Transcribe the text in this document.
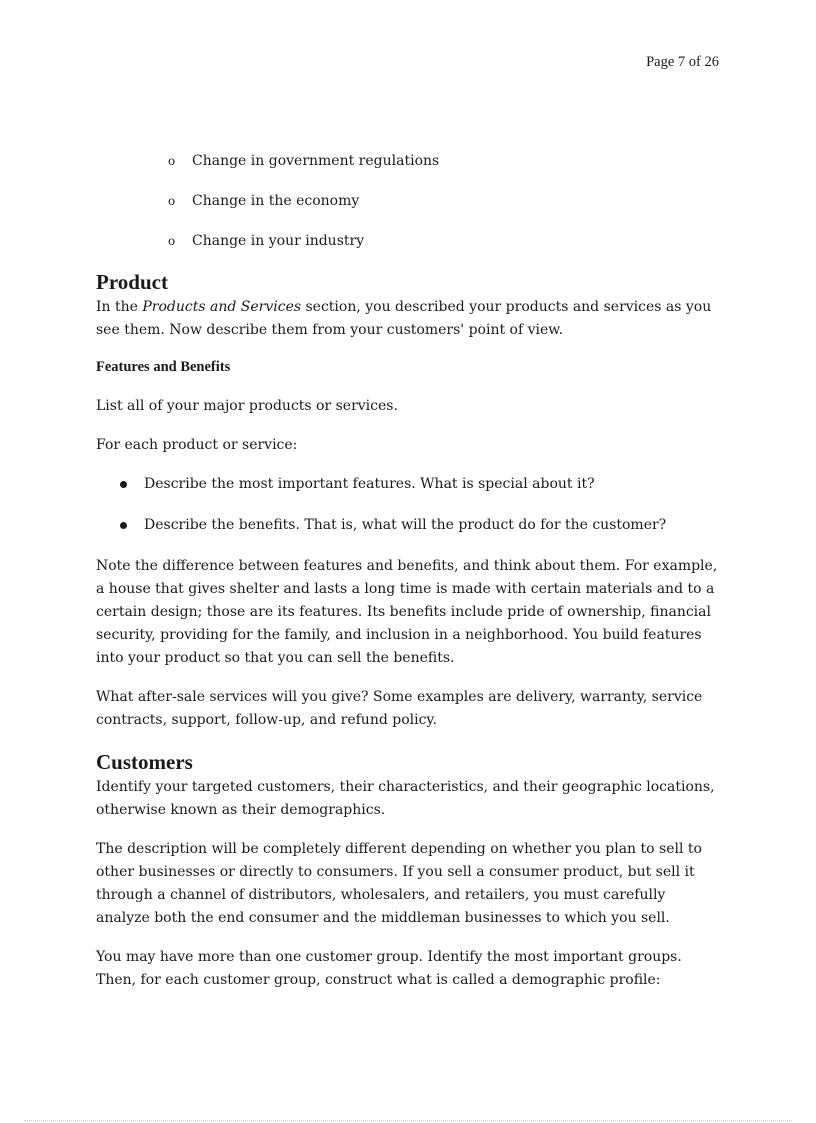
Page 7 of 26
o Change in government regulations
o Change in the economy
o Change in your industry
Product

In the Products and Services section, you described your products and services as you see them. Now describe them from your customers' point of view.

Features and Benefits

List all of your major products or services.

For each product or service:

Describe the most important features. What is special about it?
Describe the benefits. That is, what will the product do for the customer?

Note the difference between features and benefits, and think about them. For example, a house that gives shelter and lasts a long time is made with certain materials and to a certain design; those are its features. Its benefits include pride of ownership, financial security, providing for the family, and inclusion in a neighborhood. You build features into your product so that you can sell the benefits.

What after-sale services will you give? Some examples are delivery, warranty, service contracts, support, follow-up, and refund policy.

Customers

Identify your targeted customers, their characteristics, and their geographic locations, otherwise known as their demographics.

The description will be completely different depending on whether you plan to sell to other businesses or directly to consumers. If you sell a consumer product, but sell it through a channel of distributors, wholesalers, and retailers, you must carefully analyze both the end consumer and the middleman businesses to which you sell.

You may have more than one customer group. Identify the most important groups. Then, for each customer group, construct what is called a demographic profile:
